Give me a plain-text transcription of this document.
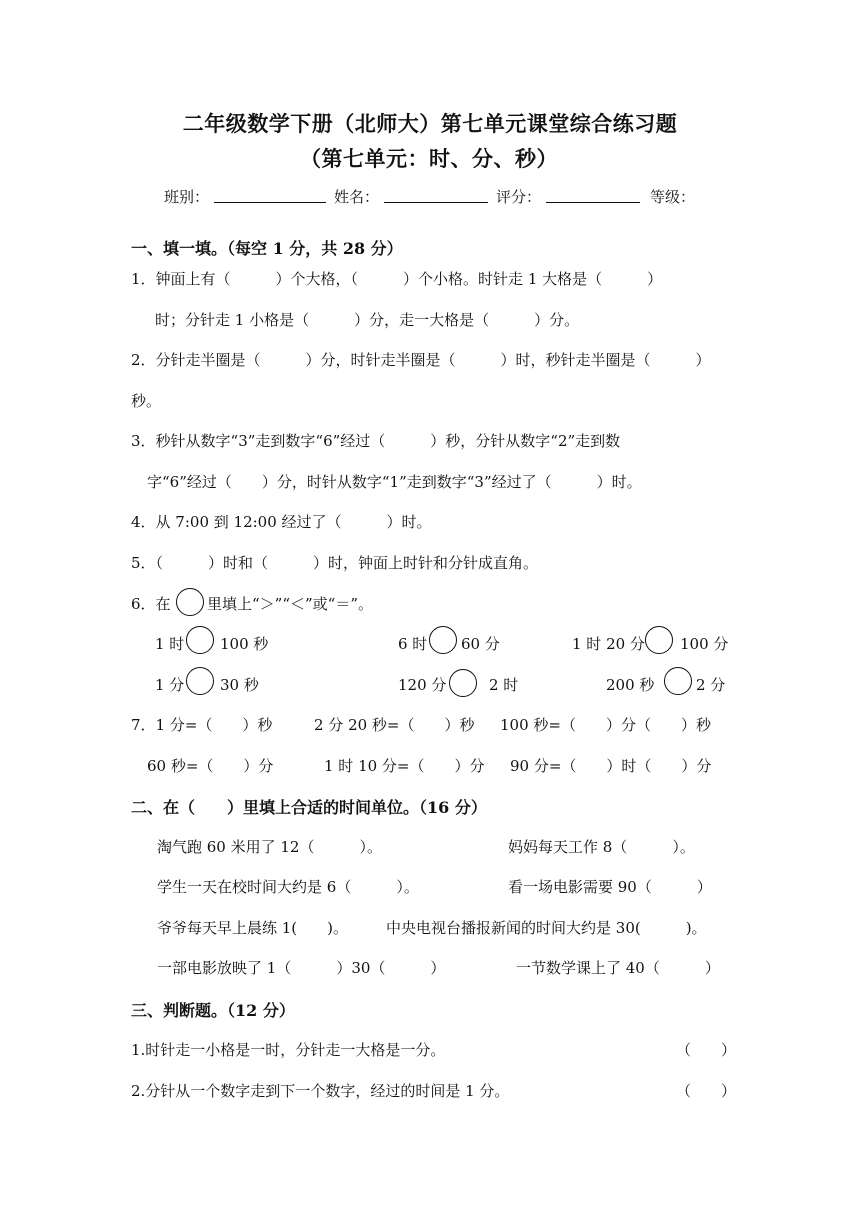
二年级数学下册（北师大）第七单元课堂综合练习题
（第七单元：时、分、秒）
班别：	姓名：	评分：	等级：
一、填一填。（每空 1 分，共 28 分）
1．钟面上有（　　　）个大格，（　　　）个小格。时针走 1 大格是（　　　）
时；分针走 1 小格是（　　　）分，走一大格是（　　　）分。
2．分针走半圈是（　　　）分，时针走半圈是（　　　）时，秒针走半圈是（　　　）
秒。
3．秒针从数字“3”走到数字“6”经过（　　　）秒，分针从数字“2”走到数
字“6”经过（　　）分，时针从数字“1”走到数字“3”经过了（　　　）时。
4．从 7:00 到 12:00 经过了（　　　）时。
5．（　　　）时和（　　　）时，钟面上时针和分针成直角。
6．在 里填上“＞”“＜”或“＝”。
1 时 100 秒	6 时 60 分	1 时 20 分 100 分
1 分 30 秒	120 分	2 时	200 秒	2 分
7．1 分=（　　）秒	2 分 20 秒=（　　）秒 100 秒=（　　）分（　　）秒
60 秒=（　　）分	1 时 10 分=（　　）分 90 分=（　　）时（　　）分
二、在（　　）里填上合适的时间单位。（16 分）
淘气跑 60 米用了 12（　　　）。	妈妈每天工作 8（　　　）。
学生一天在校时间大约是 6（　　　）。	看一场电影需要 90（　　　）
爷爷每天早上晨练 1(　　)。	中央电视台播报新闻的时间大约是 30(　　　)。
一部电影放映了 1（　　　）30（　　　）	一节数学课上了 40（　　　）
三、判断题。（12 分）
1.时针走一小格是一时，分针走一大格是一分。	（　　）
2.分针从一个数字走到下一个数字，经过的时间是 1 分。	（　　）
